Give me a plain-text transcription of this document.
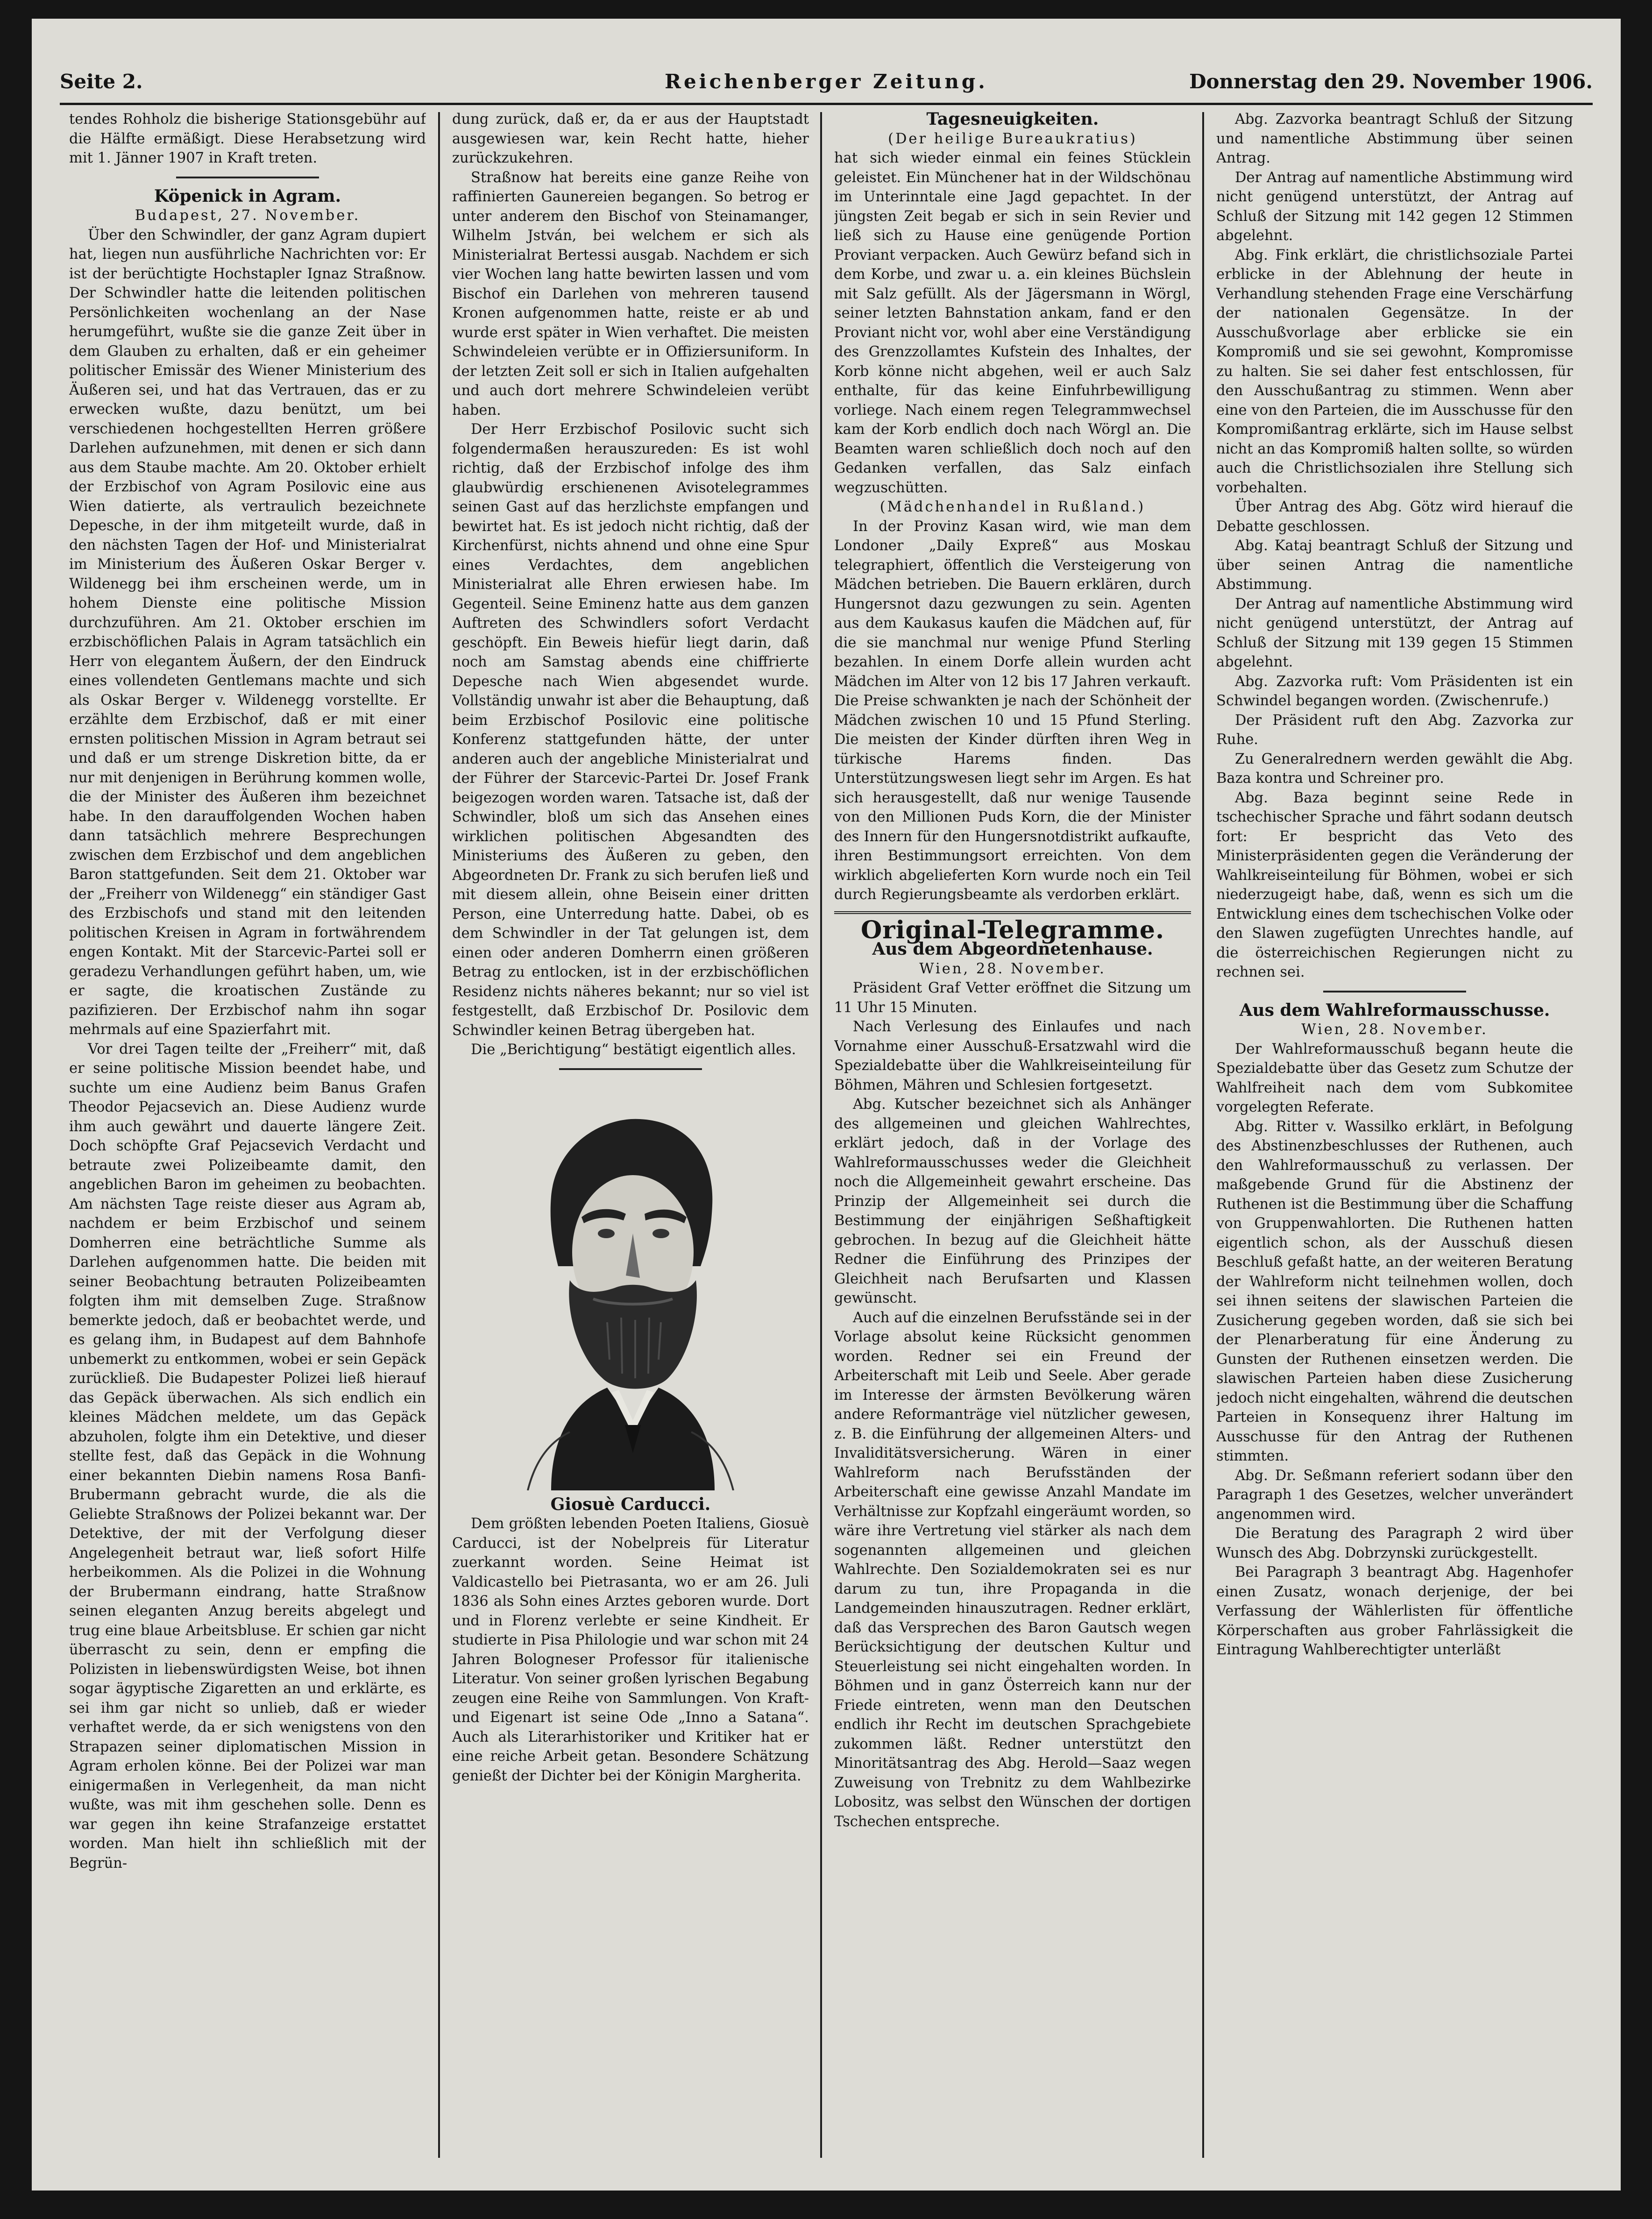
Seite 2.	Reichenberger Zeitung.	Donnerstag den 29. November 1906.

tendes Rohholz die bisherige Stationsgebühr auf die Hälfte ermäßigt. Diese Herabsetzung wird mit 1. Jänner 1907 in Kraft treten.

Köpenick in Agram.

Budapest, 27. November.

Über den Schwindler, der ganz Agram dupiert hat, liegen nun ausführliche Nachrichten vor: Er ist der berüchtigte Hochstapler Ignaz Straßnow. Der Schwindler hatte die leitenden politischen Persönlichkeiten wochenlang an der Nase herumgeführt, wußte sie die ganze Zeit über in dem Glauben zu erhalten, daß er ein geheimer politischer Emissär des Wiener Ministerium des Äußeren sei, und hat das Vertrauen, das er zu erwecken wußte, dazu benützt, um bei verschiedenen hochgestellten Herren größere Darlehen aufzunehmen, mit denen er sich dann aus dem Staube machte. Am 20. Oktober erhielt der Erzbischof von Agram Posilovic eine aus Wien datierte, als vertraulich bezeichnete Depesche, in der ihm mitgeteilt wurde, daß in den nächsten Tagen der Hof- und Ministerialrat im Ministerium des Äußeren Oskar Berger v. Wildenegg bei ihm erscheinen werde, um in hohem Dienste eine politische Mission durchzuführen. Am 21. Oktober erschien im erzbischöflichen Palais in Agram tatsächlich ein Herr von elegantem Äußern, der den Eindruck eines vollendeten Gentlemans machte und sich als Oskar Berger v. Wildenegg vorstellte. Er erzählte dem Erzbischof, daß er mit einer ernsten politischen Mission in Agram betraut sei und daß er um strenge Diskretion bitte, da er nur mit denjenigen in Berührung kommen wolle, die der Minister des Äußeren ihm bezeichnet habe. In den darauffolgenden Wochen haben dann tatsächlich mehrere Besprechungen zwischen dem Erzbischof und dem angeblichen Baron stattgefunden. Seit dem 21. Oktober war der „Freiherr von Wildenegg“ ein ständiger Gast des Erzbischofs und stand mit den leitenden politischen Kreisen in Agram in fortwährendem engen Kontakt. Mit der Starcevic-Partei soll er geradezu Verhandlungen geführt haben, um, wie er sagte, die kroatischen Zustände zu pazifizieren. Der Erzbischof nahm ihn sogar mehrmals auf eine Spazierfahrt mit.

Vor drei Tagen teilte der „Freiherr“ mit, daß er seine politische Mission beendet habe, und suchte um eine Audienz beim Banus Grafen Theodor Pejacsevich an. Diese Audienz wurde ihm auch gewährt und dauerte längere Zeit. Doch schöpfte Graf Pejacsevich Verdacht und betraute zwei Polizeibeamte damit, den angeblichen Baron im geheimen zu beobachten. Am nächsten Tage reiste dieser aus Agram ab, nachdem er beim Erzbischof und seinem Domherren eine beträchtliche Summe als Darlehen aufgenommen hatte. Die beiden mit seiner Beobachtung betrauten Polizeibeamten folgten ihm mit demselben Zuge. Straßnow bemerkte jedoch, daß er beobachtet werde, und es gelang ihm, in Budapest auf dem Bahnhofe unbemerkt zu entkommen, wobei er sein Gepäck zurückließ. Die Budapester Polizei ließ hierauf das Gepäck überwachen. Als sich endlich ein kleines Mädchen meldete, um das Gepäck abzuholen, folgte ihm ein Detektive, und dieser stellte fest, daß das Gepäck in die Wohnung einer bekannten Diebin namens Rosa Banfi-Brubermann gebracht wurde, die als die Geliebte Straßnows der Polizei bekannt war. Der Detektive, der mit der Verfolgung dieser Angelegenheit betraut war, ließ sofort Hilfe herbeikommen. Als die Polizei in die Wohnung der Brubermann eindrang, hatte Straßnow seinen eleganten Anzug bereits abgelegt und trug eine blaue Arbeitsbluse. Er schien gar nicht überrascht zu sein, denn er empfing die Polizisten in liebenswürdigsten Weise, bot ihnen sogar ägyptische Zigaretten an und erklärte, es sei ihm gar nicht so unlieb, daß er wieder verhaftet werde, da er sich wenigstens von den Strapazen seiner diplomatischen Mission in Agram erholen könne. Bei der Polizei war man einigermaßen in Verlegenheit, da man nicht wußte, was mit ihm geschehen solle. Denn es war gegen ihn keine Strafanzeige erstattet worden. Man hielt ihn schließlich mit der Begrün-

dung zurück, daß er, da er aus der Hauptstadt ausgewiesen war, kein Recht hatte, hieher zurückzukehren.

Straßnow hat bereits eine ganze Reihe von raffinierten Gaunereien begangen. So betrog er unter anderem den Bischof von Steinamanger, Wilhelm Jstván, bei welchem er sich als Ministerialrat Bertessi ausgab. Nachdem er sich vier Wochen lang hatte bewirten lassen und vom Bischof ein Darlehen von mehreren tausend Kronen aufgenommen hatte, reiste er ab und wurde erst später in Wien verhaftet. Die meisten Schwindeleien verübte er in Offiziersuniform. In der letzten Zeit soll er sich in Italien aufgehalten und auch dort mehrere Schwindeleien verübt haben.

Der Herr Erzbischof Posilovic sucht sich folgendermaßen herauszureden: Es ist wohl richtig, daß der Erzbischof infolge des ihm glaubwürdig erschienenen Avisotelegrammes seinen Gast auf das herzlichste empfangen und bewirtet hat. Es ist jedoch nicht richtig, daß der Kirchenfürst, nichts ahnend und ohne eine Spur eines Verdachtes, dem angeblichen Ministerialrat alle Ehren erwiesen habe. Im Gegenteil. Seine Eminenz hatte aus dem ganzen Auftreten des Schwindlers sofort Verdacht geschöpft. Ein Beweis hiefür liegt darin, daß noch am Samstag abends eine chiffrierte Depesche nach Wien abgesendet wurde. Vollständig unwahr ist aber die Behauptung, daß beim Erzbischof Posilovic eine politische Konferenz stattgefunden hätte, der unter anderen auch der angebliche Ministerialrat und der Führer der Starcevic-Partei Dr. Josef Frank beigezogen worden waren. Tatsache ist, daß der Schwindler, bloß um sich das Ansehen eines wirklichen politischen Abgesandten des Ministeriums des Äußeren zu geben, den Abgeordneten Dr. Frank zu sich berufen ließ und mit diesem allein, ohne Beisein einer dritten Person, eine Unterredung hatte. Dabei, ob es dem Schwindler in der Tat gelungen ist, dem einen oder anderen Domherrn einen größeren Betrag zu entlocken, ist in der erzbischöflichen Residenz nichts näheres bekannt; nur so viel ist festgestellt, daß Erzbischof Dr. Posilovic dem Schwindler keinen Betrag übergeben hat.

Die „Berichtigung“ bestätigt eigentlich alles.

Giosuè Carducci.

Dem größten lebenden Poeten Italiens, Giosuè Carducci, ist der Nobelpreis für Literatur zuerkannt worden. Seine Heimat ist Valdicastello bei Pietrasanta, wo er am 26. Juli 1836 als Sohn eines Arztes geboren wurde. Dort und in Florenz verlebte er seine Kindheit. Er studierte in Pisa Philologie und war schon mit 24 Jahren Bologneser Professor für italienische Literatur. Von seiner großen lyrischen Begabung zeugen eine Reihe von Sammlungen. Von Kraft- und Eigenart ist seine Ode „Inno a Satana“. Auch als Literarhistoriker und Kritiker hat er eine reiche Arbeit getan. Besondere Schätzung genießt der Dichter bei der Königin Margherita.

Tagesneuigkeiten.

(Der heilige Bureaukratius)

hat sich wieder einmal ein feines Stücklein geleistet. Ein Münchener hat in der Wildschönau im Unterinntale eine Jagd gepachtet. In der jüngsten Zeit begab er sich in sein Revier und ließ sich zu Hause eine genügende Portion Proviant verpacken. Auch Gewürz befand sich in dem Korbe, und zwar u. a. ein kleines Büchslein mit Salz gefüllt. Als der Jägersmann in Wörgl, seiner letzten Bahnstation ankam, fand er den Proviant nicht vor, wohl aber eine Verständigung des Grenzzollamtes Kufstein des Inhaltes, der Korb könne nicht abgehen, weil er auch Salz enthalte, für das keine Einfuhrbewilligung vorliege. Nach einem regen Telegrammwechsel kam der Korb endlich doch nach Wörgl an. Die Beamten waren schließlich doch noch auf den Gedanken verfallen, das Salz einfach wegzuschütten.

(Mädchenhandel in Rußland.)

In der Provinz Kasan wird, wie man dem Londoner „Daily Expreß“ aus Moskau telegraphiert, öffentlich die Versteigerung von Mädchen betrieben. Die Bauern erklären, durch Hungersnot dazu gezwungen zu sein. Agenten aus dem Kaukasus kaufen die Mädchen auf, für die sie manchmal nur wenige Pfund Sterling bezahlen. In einem Dorfe allein wurden acht Mädchen im Alter von 12 bis 17 Jahren verkauft. Die Preise schwankten je nach der Schönheit der Mädchen zwischen 10 und 15 Pfund Sterling. Die meisten der Kinder dürften ihren Weg in türkische Harems finden. Das Unterstützungswesen liegt sehr im Argen. Es hat sich herausgestellt, daß nur wenige Tausende von den Millionen Puds Korn, die der Minister des Innern für den Hungersnotdistrikt aufkaufte, ihren Bestimmungsort erreichten. Von dem wirklich abgelieferten Korn wurde noch ein Teil durch Regierungsbeamte als verdorben erklärt.

Original-Telegramme.

Aus dem Abgeordnetenhause.

Wien, 28. November.

Präsident Graf Vetter eröffnet die Sitzung um 11 Uhr 15 Minuten.

Nach Verlesung des Einlaufes und nach Vornahme einer Ausschuß-Ersatzwahl wird die Spezialdebatte über die Wahlkreiseinteilung für Böhmen, Mähren und Schlesien fortgesetzt.

Abg. Kutscher bezeichnet sich als Anhänger des allgemeinen und gleichen Wahlrechtes, erklärt jedoch, daß in der Vorlage des Wahlreformausschusses weder die Gleichheit noch die Allgemeinheit gewahrt erscheine. Das Prinzip der Allgemeinheit sei durch die Bestimmung der einjährigen Seßhaftigkeit gebrochen. In bezug auf die Gleichheit hätte Redner die Einführung des Prinzipes der Gleichheit nach Berufsarten und Klassen gewünscht.

Auch auf die einzelnen Berufsstände sei in der Vorlage absolut keine Rücksicht genommen worden. Redner sei ein Freund der Arbeiterschaft mit Leib und Seele. Aber gerade im Interesse der ärmsten Bevölkerung wären andere Reformanträge viel nützlicher gewesen, z. B. die Einführung der allgemeinen Alters- und Invaliditätsversicherung. Wären in einer Wahlreform nach Berufsständen der Arbeiterschaft eine gewisse Anzahl Mandate im Verhältnisse zur Kopfzahl eingeräumt worden, so wäre ihre Vertretung viel stärker als nach dem sogenannten allgemeinen und gleichen Wahlrechte. Den Sozialdemokraten sei es nur darum zu tun, ihre Propaganda in die Landgemeinden hinauszutragen. Redner erklärt, daß das Versprechen des Baron Gautsch wegen Berücksichtigung der deutschen Kultur und Steuerleistung sei nicht eingehalten worden. In Böhmen und in ganz Österreich kann nur der Friede eintreten, wenn man den Deutschen endlich ihr Recht im deutschen Sprachgebiete zukommen läßt. Redner unterstützt den Minoritätsantrag des Abg. Herold—Saaz wegen Zuweisung von Trebnitz zu dem Wahlbezirke Lobositz, was selbst den Wünschen der dortigen Tschechen entspreche.

Abg. Zazvorka beantragt Schluß der Sitzung und namentliche Abstimmung über seinen Antrag.

Der Antrag auf namentliche Abstimmung wird nicht genügend unterstützt, der Antrag auf Schluß der Sitzung mit 142 gegen 12 Stimmen abgelehnt.

Abg. Fink erklärt, die christlichsoziale Partei erblicke in der Ablehnung der heute in Verhandlung stehenden Frage eine Verschärfung der nationalen Gegensätze. In der Ausschußvorlage aber erblicke sie ein Kompromiß und sie sei gewohnt, Kompromisse zu halten. Sie sei daher fest entschlossen, für den Ausschußantrag zu stimmen. Wenn aber eine von den Parteien, die im Ausschusse für den Kompromißantrag erklärte, sich im Hause selbst nicht an das Kompromiß halten sollte, so würden auch die Christlichsozialen ihre Stellung sich vorbehalten.

Über Antrag des Abg. Götz wird hierauf die Debatte geschlossen.

Abg. Kataj beantragt Schluß der Sitzung und über seinen Antrag die namentliche Abstimmung.

Der Antrag auf namentliche Abstimmung wird nicht genügend unterstützt, der Antrag auf Schluß der Sitzung mit 139 gegen 15 Stimmen abgelehnt.

Abg. Zazvorka ruft: Vom Präsidenten ist ein Schwindel begangen worden. (Zwischenrufe.)

Der Präsident ruft den Abg. Zazvorka zur Ruhe.

Zu Generalrednern werden gewählt die Abg. Baza kontra und Schreiner pro.

Abg. Baza beginnt seine Rede in tschechischer Sprache und fährt sodann deutsch fort: Er bespricht das Veto des Ministerpräsidenten gegen die Veränderung der Wahlkreiseinteilung für Böhmen, wobei er sich niederzugeigt habe, daß, wenn es sich um die Entwicklung eines dem tschechischen Volke oder den Slawen zugefügten Unrechtes handle, auf die österreichischen Regierungen nicht zu rechnen sei.

Aus dem Wahlreformausschusse.

Wien, 28. November.

Der Wahlreformausschuß begann heute die Spezialdebatte über das Gesetz zum Schutze der Wahlfreiheit nach dem vom Subkomitee vorgelegten Referate.

Abg. Ritter v. Wassilko erklärt, in Befolgung des Abstinenzbeschlusses der Ruthenen, auch den Wahlreformausschuß zu verlassen. Der maßgebende Grund für die Abstinenz der Ruthenen ist die Bestimmung über die Schaffung von Gruppenwahlorten. Die Ruthenen hatten eigentlich schon, als der Ausschuß diesen Beschluß gefaßt hatte, an der weiteren Beratung der Wahlreform nicht teilnehmen wollen, doch sei ihnen seitens der slawischen Parteien die Zusicherung gegeben worden, daß sie sich bei der Plenarberatung für eine Änderung zu Gunsten der Ruthenen einsetzen werden. Die slawischen Parteien haben diese Zusicherung jedoch nicht eingehalten, während die deutschen Parteien in Konsequenz ihrer Haltung im Ausschusse für den Antrag der Ruthenen stimmten.

Abg. Dr. Seßmann referiert sodann über den Paragraph 1 des Gesetzes, welcher unverändert angenommen wird.

Die Beratung des Paragraph 2 wird über Wunsch des Abg. Dobrzynski zurückgestellt.

Bei Paragraph 3 beantragt Abg. Hagenhofer einen Zusatz, wonach derjenige, der bei Verfassung der Wählerlisten für öffentliche Körperschaften aus grober Fahrlässigkeit die Eintragung Wahlberechtigter unterläßt
